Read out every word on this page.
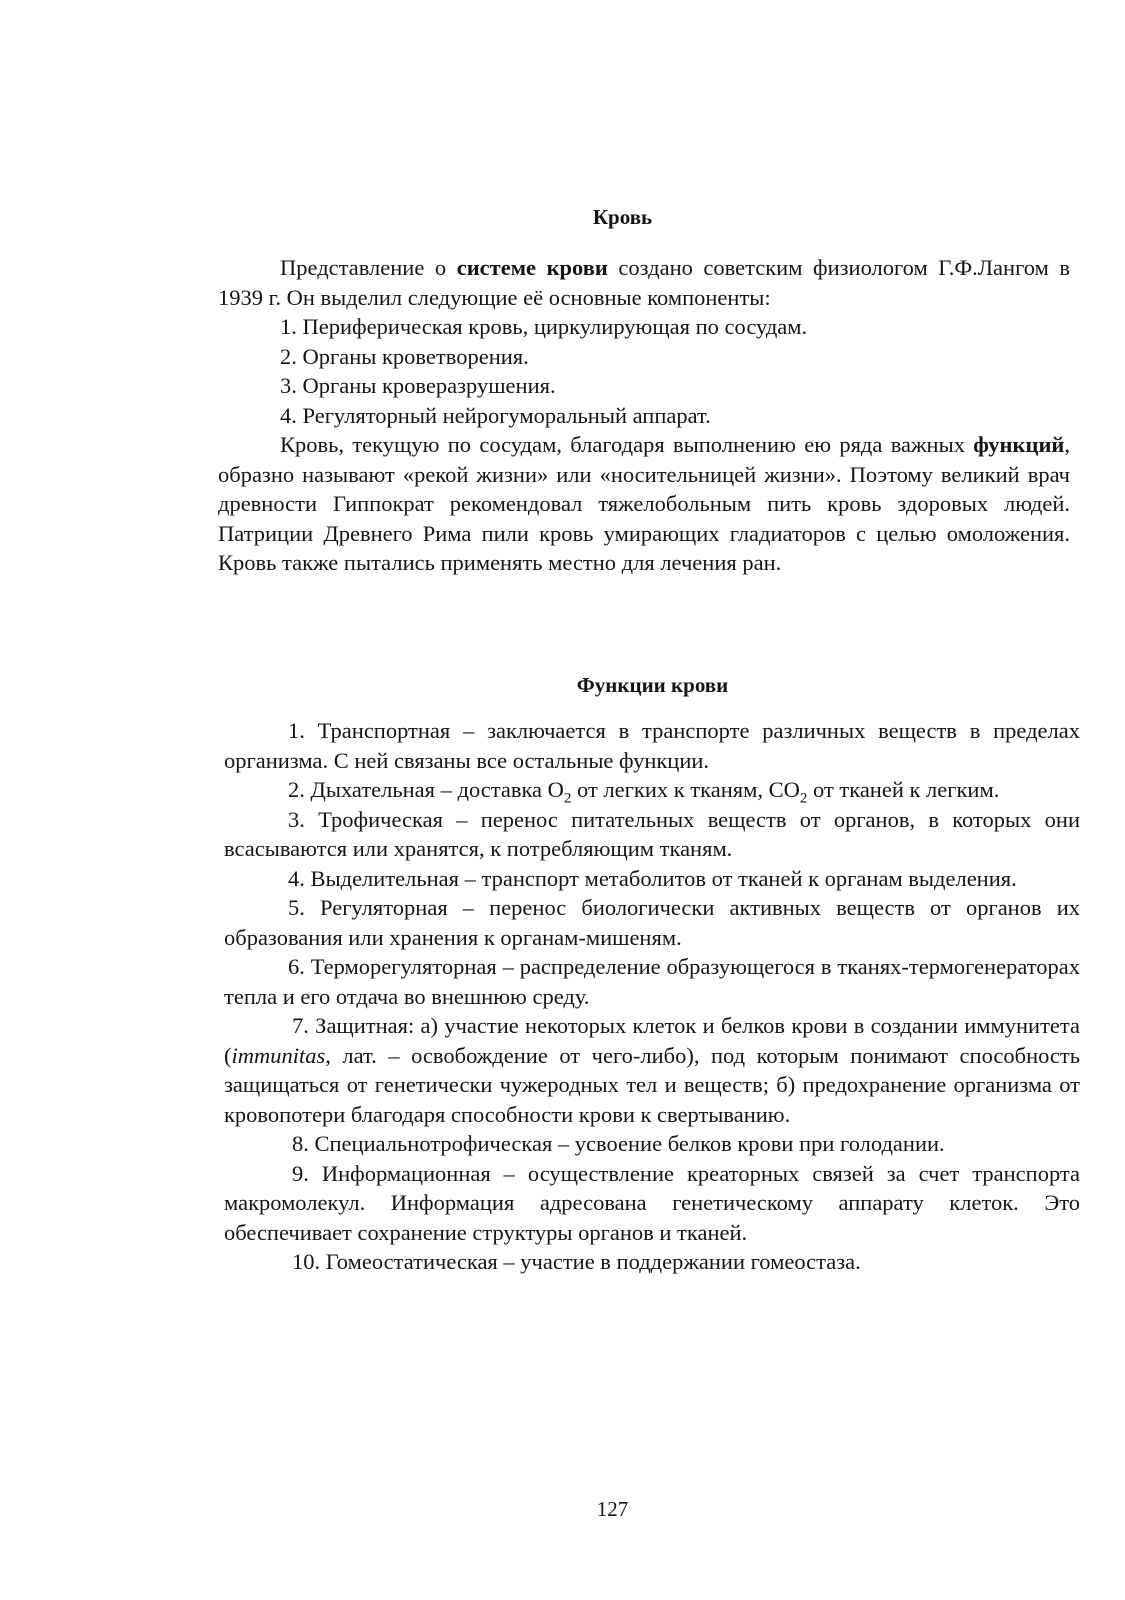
Кровь

Представление о системе крови создано советским физиологом Г.Ф.Лангом в 1939 г. Он выделил следующие её основные компоненты:

1. Периферическая кровь, циркулирующая по сосудам.

2. Органы кроветворения.

3. Органы кроверазрушения.

4. Регуляторный нейрогуморальный аппарат.

Кровь, текущую по сосудам, благодаря выполнению ею ряда важных функций, образно называют «рекой жизни» или «носительницей жизни». Поэтому великий врач древности Гиппократ рекомендовал тяжелобольным пить кровь здоровых людей. Патриции Древнего Рима пили кровь умирающих гладиаторов с целью омоложения. Кровь также пытались применять местно для лечения ран.

Функции крови

1. Транспортная – заключается в транспорте различных веществ в пределах организма. С ней связаны все остальные функции.

2. Дыхательная – доставка $O_2$ от легких к тканям, $CO_2$ от тканей к легким.

3. Трофическая – перенос питательных веществ от органов, в которых они всасываются или хранятся, к потребляющим тканям.

4. Выделительная – транспорт метаболитов от тканей к органам выделения.

5. Регуляторная – перенос биологически активных веществ от органов их образования или хранения к органам-мишеням.

6. Терморегуляторная – распределение образующегося в тканях-термогенераторах тепла и его отдача во внешнюю среду.

7. Защитная: а) участие некоторых клеток и белков крови в создании иммунитета (immunitas, лат. – освобождение от чего-либо), под которым понимают способность защищаться от генетически чужеродных тел и веществ; б) предохранение организма от кровопотери благодаря способности крови к свертыванию.

8. Специальнотрофическая – усвоение белков крови при голодании.

9. Информационная – осуществление креаторных связей за счет транспорта макромолекул. Информация адресована генетическому аппарату клеток. Это обеспечивает сохранение структуры органов и тканей.

10. Гомеостатическая – участие в поддержании гомеостаза.

127
